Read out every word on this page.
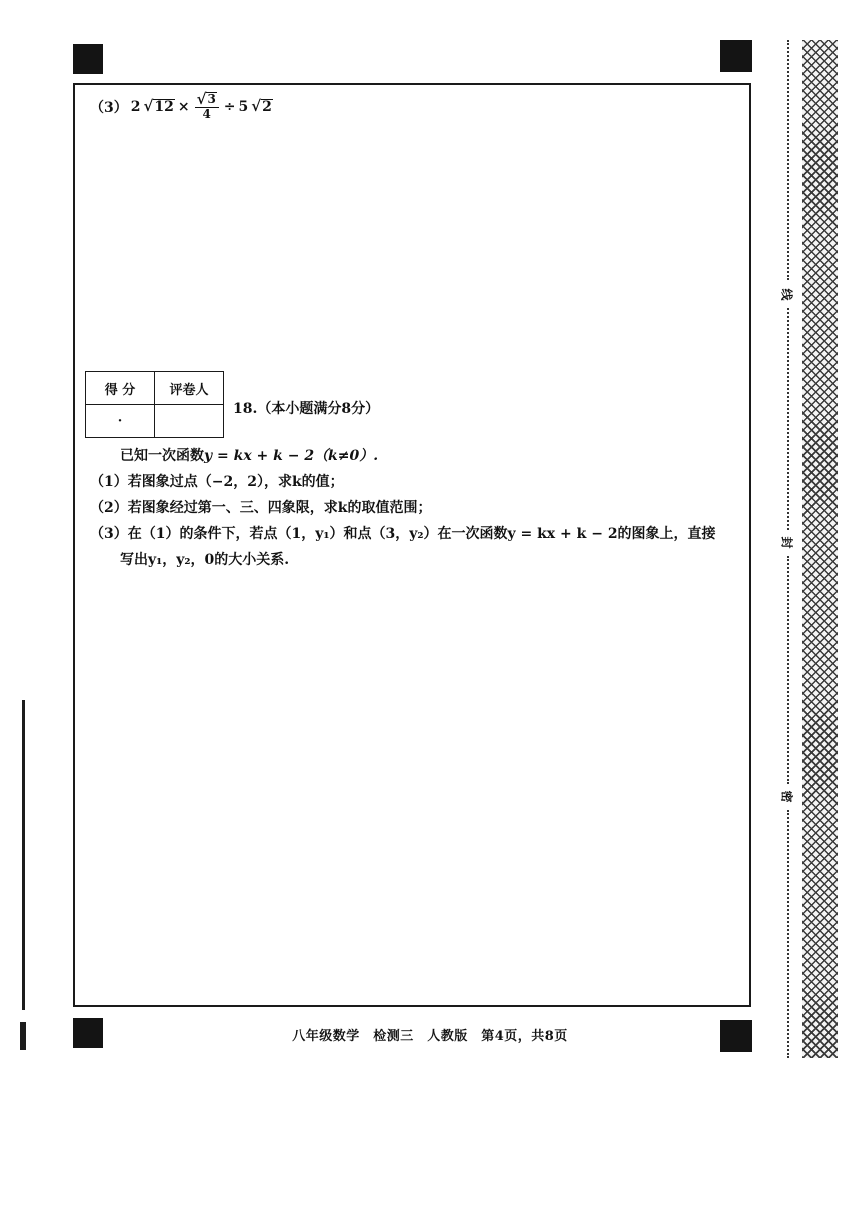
（3） 2 √ $12 \times \frac{√ 3}{4} \div 5$ √ 2
得 分	评卷人
·	
18.（本小题满分8分）

已知一次函数y = kx + k − 2（k≠0）.

（1）若图象过点（−2，2），求k的值；

（2）若图象经过第一、三、四象限，求k的取值范围；

（3）在（1）的条件下，若点（1，y₁）和点（3，y₂）在一次函数y = kx + k − 2的图象上，直接

写出y₁，y₂，0的大小关系.

八年级数学　检测三　人教版　第4页，共8页
线
封
密
